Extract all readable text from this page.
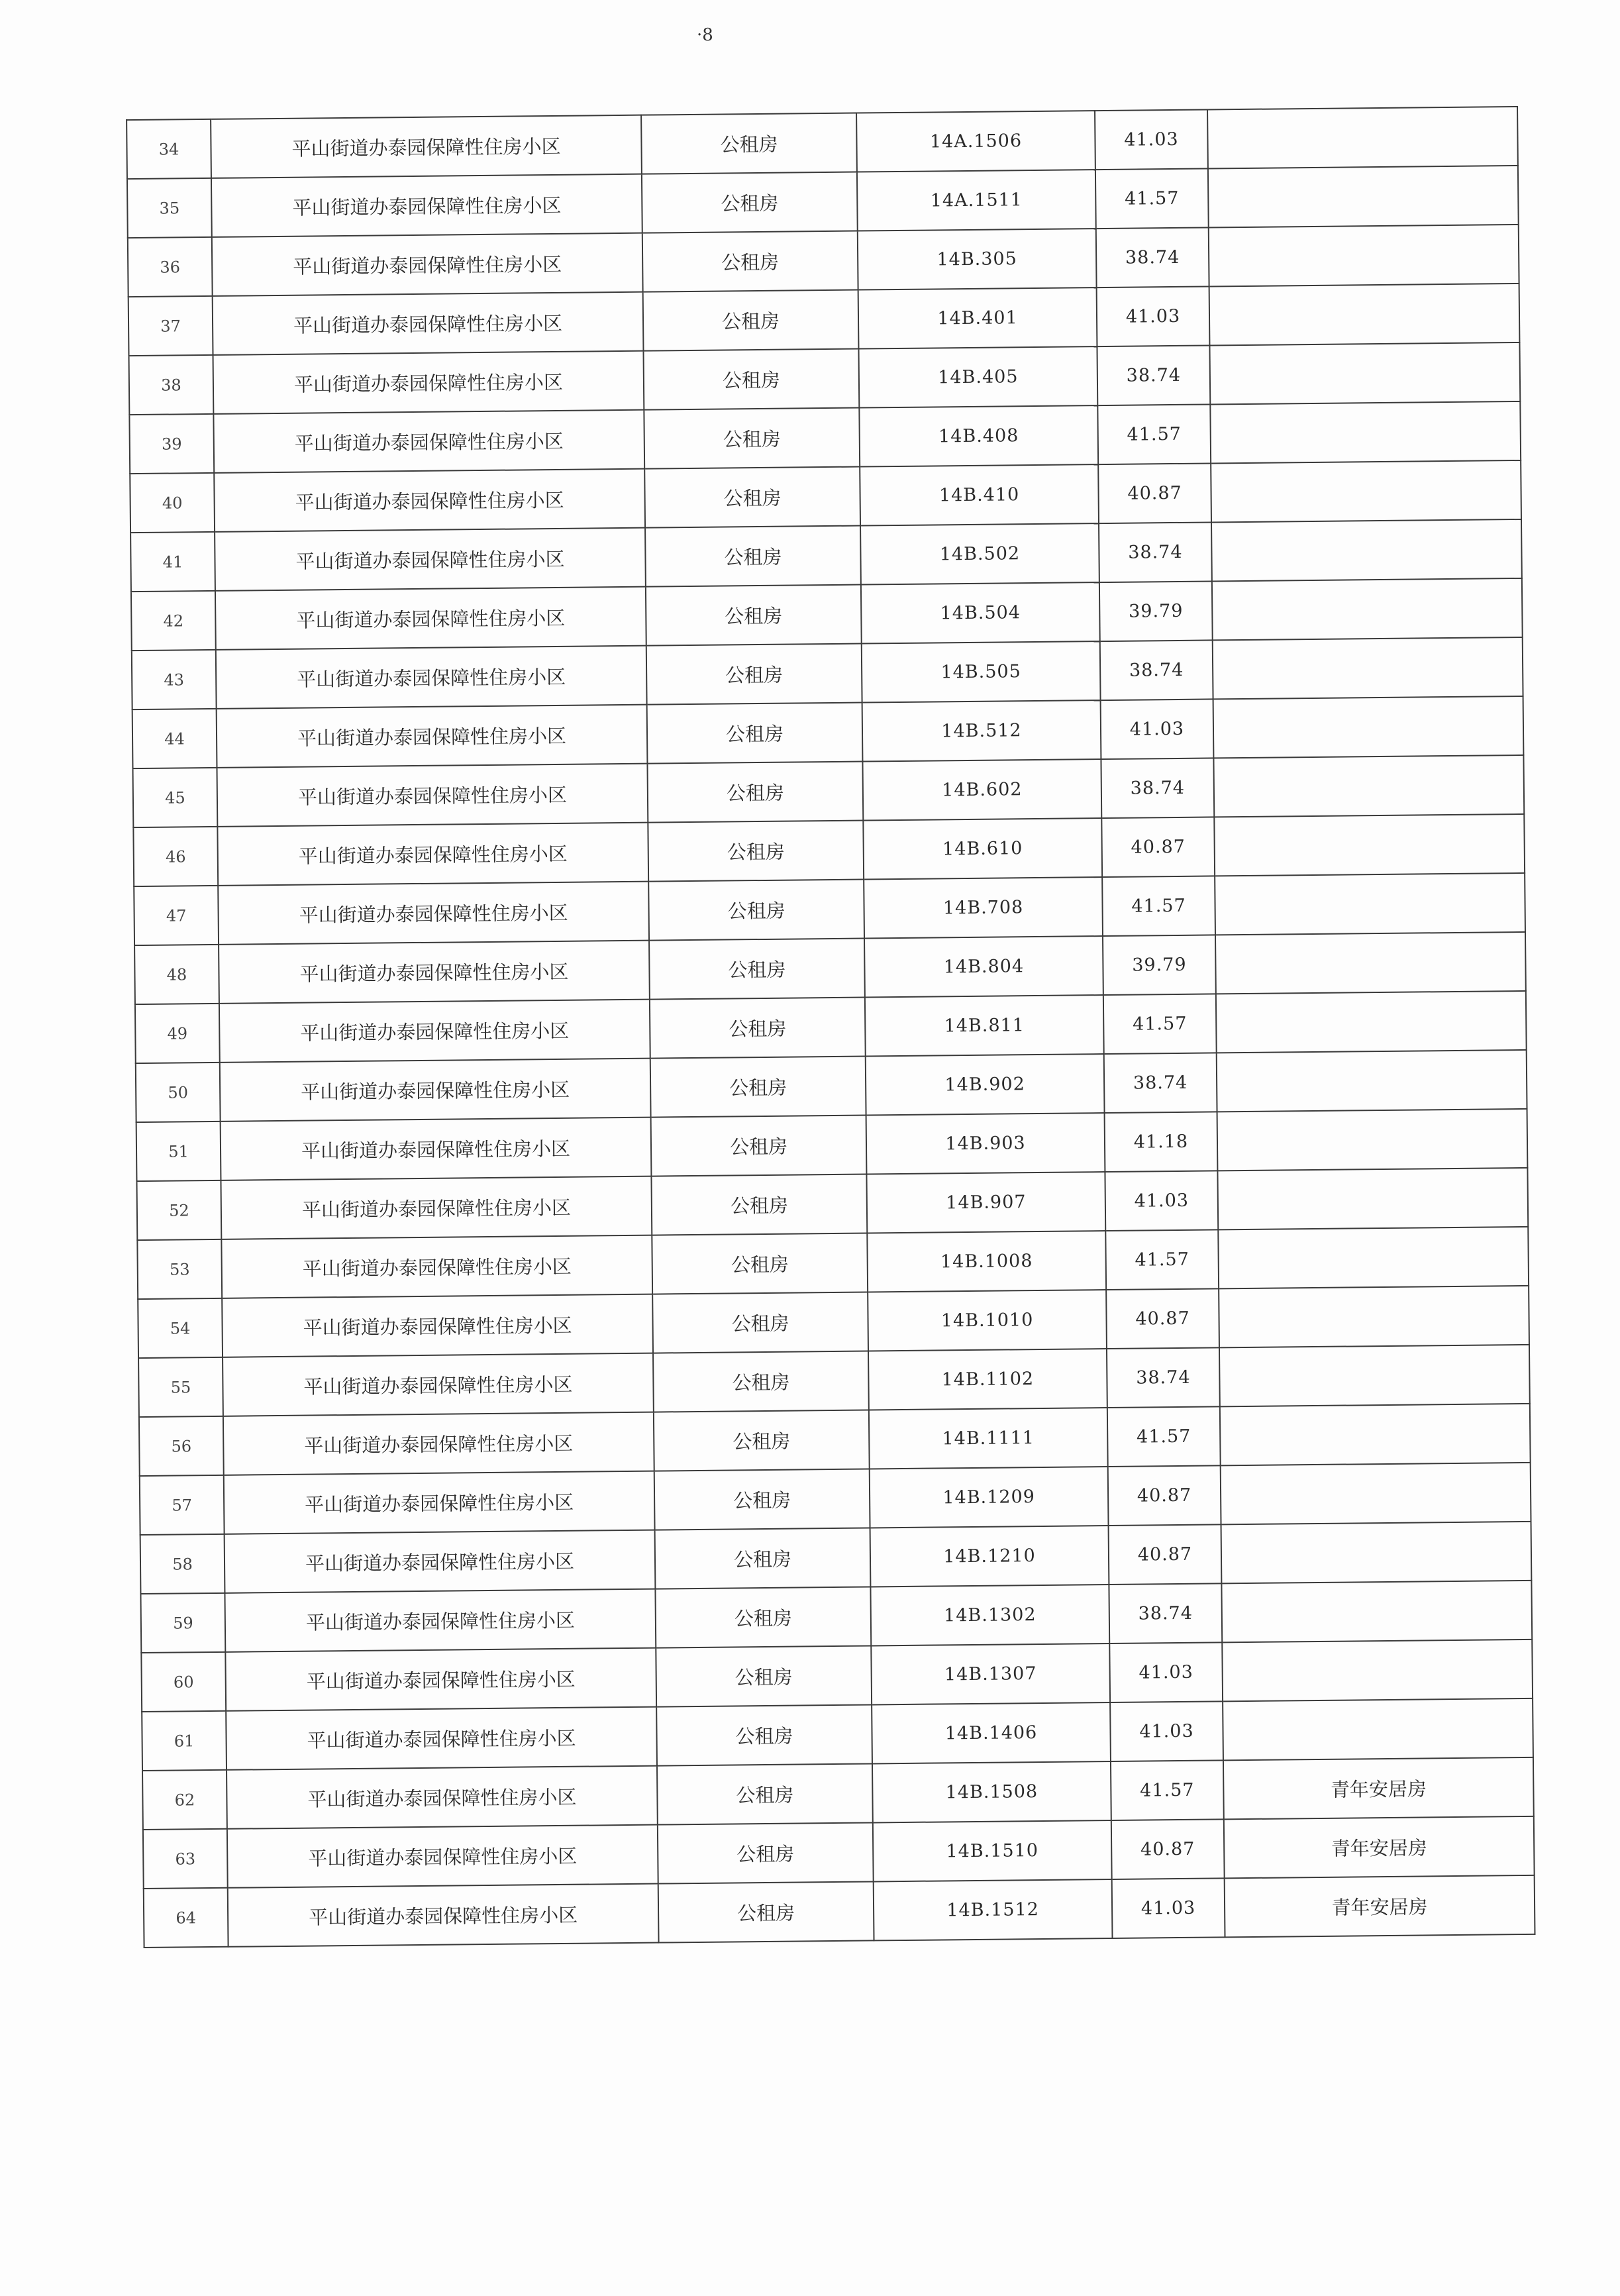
·8
34	平山街道办泰园保障性住房小区	公租房	14A.1506	41.03	
35	平山街道办泰园保障性住房小区	公租房	14A.1511	41.57	
36	平山街道办泰园保障性住房小区	公租房	14B.305	38.74	
37	平山街道办泰园保障性住房小区	公租房	14B.401	41.03	
38	平山街道办泰园保障性住房小区	公租房	14B.405	38.74	
39	平山街道办泰园保障性住房小区	公租房	14B.408	41.57	
40	平山街道办泰园保障性住房小区	公租房	14B.410	40.87	
41	平山街道办泰园保障性住房小区	公租房	14B.502	38.74	
42	平山街道办泰园保障性住房小区	公租房	14B.504	39.79	
43	平山街道办泰园保障性住房小区	公租房	14B.505	38.74	
44	平山街道办泰园保障性住房小区	公租房	14B.512	41.03	
45	平山街道办泰园保障性住房小区	公租房	14B.602	38.74	
46	平山街道办泰园保障性住房小区	公租房	14B.610	40.87	
47	平山街道办泰园保障性住房小区	公租房	14B.708	41.57	
48	平山街道办泰园保障性住房小区	公租房	14B.804	39.79	
49	平山街道办泰园保障性住房小区	公租房	14B.811	41.57	
50	平山街道办泰园保障性住房小区	公租房	14B.902	38.74	
51	平山街道办泰园保障性住房小区	公租房	14B.903	41.18	
52	平山街道办泰园保障性住房小区	公租房	14B.907	41.03	
53	平山街道办泰园保障性住房小区	公租房	14B.1008	41.57	
54	平山街道办泰园保障性住房小区	公租房	14B.1010	40.87	
55	平山街道办泰园保障性住房小区	公租房	14B.1102	38.74	
56	平山街道办泰园保障性住房小区	公租房	14B.1111	41.57	
57	平山街道办泰园保障性住房小区	公租房	14B.1209	40.87	
58	平山街道办泰园保障性住房小区	公租房	14B.1210	40.87	
59	平山街道办泰园保障性住房小区	公租房	14B.1302	38.74	
60	平山街道办泰园保障性住房小区	公租房	14B.1307	41.03	
61	平山街道办泰园保障性住房小区	公租房	14B.1406	41.03	
62	平山街道办泰园保障性住房小区	公租房	14B.1508	41.57	青年安居房
63	平山街道办泰园保障性住房小区	公租房	14B.1510	40.87	青年安居房
64	平山街道办泰园保障性住房小区	公租房	14B.1512	41.03	青年安居房
